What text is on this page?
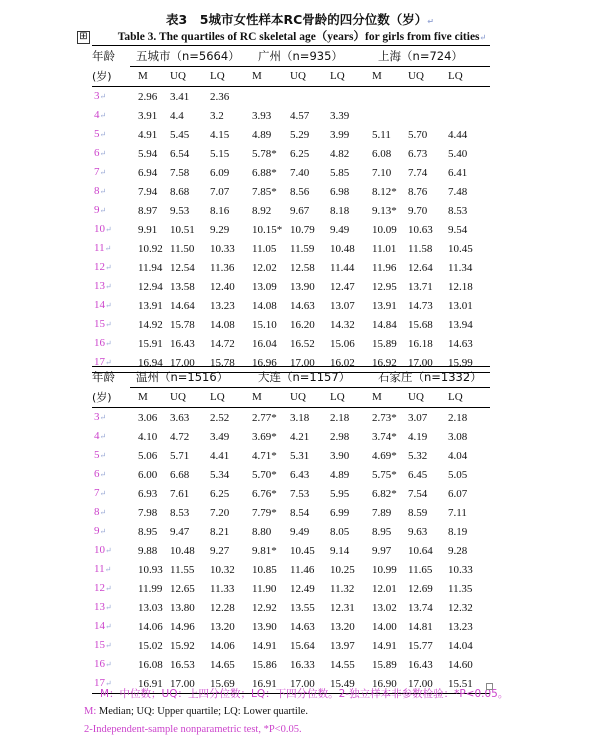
表3　5城市女性样本RC骨龄的四分位数（岁）↵
⊞	Table 3. The quartiles of RC skeletal age（years）for girls from five cities↵
年龄	五城市（n=5664）			广州（n=935）			上海（n=724）		
(岁)	M	UQ	LQ	M	UQ	LQ	M	UQ	LQ
3↵	2.96	3.41	2.36						
4↵	3.91	4.4	3.2	3.93	4.57	3.39			
5↵	4.91	5.45	4.15	4.89	5.29	3.99	5.11	5.70	4.44
6↵	5.94	6.54	5.15	5.78*	6.25	4.82	6.08	6.73	5.40
7↵	6.94	7.58	6.09	6.88*	7.40	5.85	7.10	7.74	6.41
8↵	7.94	8.68	7.07	7.85*	8.56	6.98	8.12*	8.76	7.48
9↵	8.97	9.53	8.16	8.92	9.67	8.18	9.13*	9.70	8.53
10↵	9.91	10.51	9.29	10.15*	10.79	9.49	10.09	10.63	9.54
11↵	10.92	11.50	10.33	11.05	11.59	10.48	11.01	11.58	10.45
12↵	11.94	12.54	11.36	12.02	12.58	11.44	11.96	12.64	11.34
13↵	12.94	13.58	12.40	13.09	13.90	12.47	12.95	13.71	12.18
14↵	13.91	14.64	13.23	14.08	14.63	13.07	13.91	14.73	13.01
15↵	14.92	15.78	14.08	15.10	16.20	14.32	14.84	15.68	13.94
16↵	15.91	16.43	14.72	16.04	16.52	15.06	15.89	16.18	14.63
17↵	16.94	17.00	15.78	16.96	17.00	16.02	16.92	17.00	15.99
年龄	温州（n=1516）			大连（n=1157）			石家庄（n=1332）		
(岁)	M	UQ	LQ	M	UQ	LQ	M	UQ	LQ
3↵	3.06	3.63	2.52	2.77*	3.18	2.18	2.73*	3.07	2.18
4↵	4.10	4.72	3.49	3.69*	4.21	2.98	3.74*	4.19	3.08
5↵	5.06	5.71	4.41	4.71*	5.31	3.90	4.69*	5.32	4.04
6↵	6.00	6.68	5.34	5.70*	6.43	4.89	5.75*	6.45	5.05
7↵	6.93	7.61	6.25	6.76*	7.53	5.95	6.82*	7.54	6.07
8↵	7.98	8.53	7.20	7.79*	8.54	6.99	7.89	8.59	7.11
9↵	8.95	9.47	8.21	8.80	9.49	8.05	8.95	9.63	8.19
10↵	9.88	10.48	9.27	9.81*	10.45	9.14	9.97	10.64	9.28
11↵	10.93	11.55	10.32	10.85	11.46	10.25	10.99	11.65	10.33
12↵	11.99	12.65	11.33	11.90	12.49	11.32	12.01	12.69	11.35
13↵	13.03	13.80	12.28	12.92	13.55	12.31	13.02	13.74	12.32
14↵	14.06	14.96	13.20	13.90	14.63	13.20	14.00	14.81	13.23
15↵	15.02	15.92	14.06	14.91	15.64	13.97	14.91	15.77	14.04
16↵	16.08	16.53	14.65	15.86	16.33	14.55	15.89	16.43	14.60
17↵	16.91	17.00	15.69	16.91	17.00	15.49	16.90	17.00	15.51
M：中位数；UQ：上四分位数；LQ：下四分位数。2-独立样本非参数检验：*P<0.05。
M: Median; UQ: Upper quartile; LQ: Lower quartile.
2-Independent-sample nonparametric test, *P<0.05.
